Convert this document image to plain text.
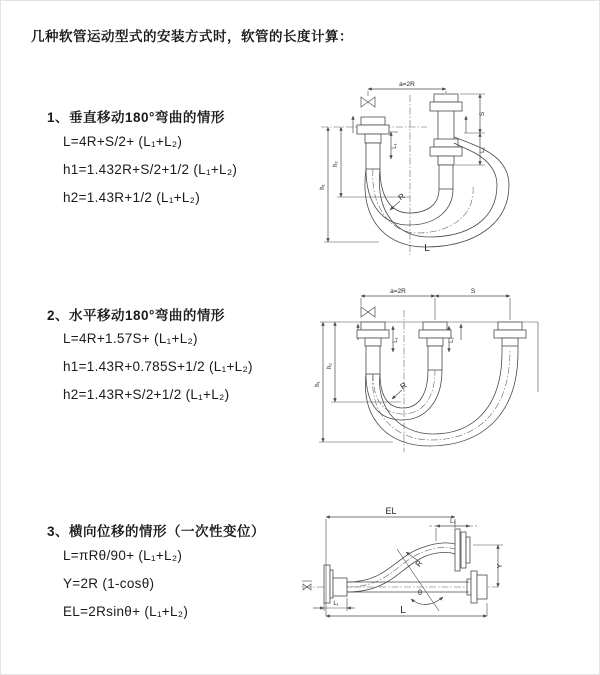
几种软管运动型式的安装方式时，软管的长度计算：
1、垂直移动180°弯曲的情形
L=4R+S/2+ (L₁+L₂)
h1=1.432R+S/2+1/2 (L₁+L₂)
h2=1.43R+1/2 (L₁+L₂)
2、水平移动180°弯曲的情形
L=4R+1.57S+ (L₁+L₂)
h1=1.43R+0.785S+1/2 (L₁+L₂)
h2=1.43R+S/2+1/2 (L₁+L₂)
3、横向位移的情形（一次性变位）
L=πRθ/90+ (L₁+L₂)
Y=2R (1-cosθ)
EL=2Rsinθ+ (L₁+L₂)
a=2R
h₁
h₂
L₁
S
L₂
R
L
a=2R	S
h₁
h₂
L₁	L₂
R
EL
L₂
Y
R
θ
L
L₁
